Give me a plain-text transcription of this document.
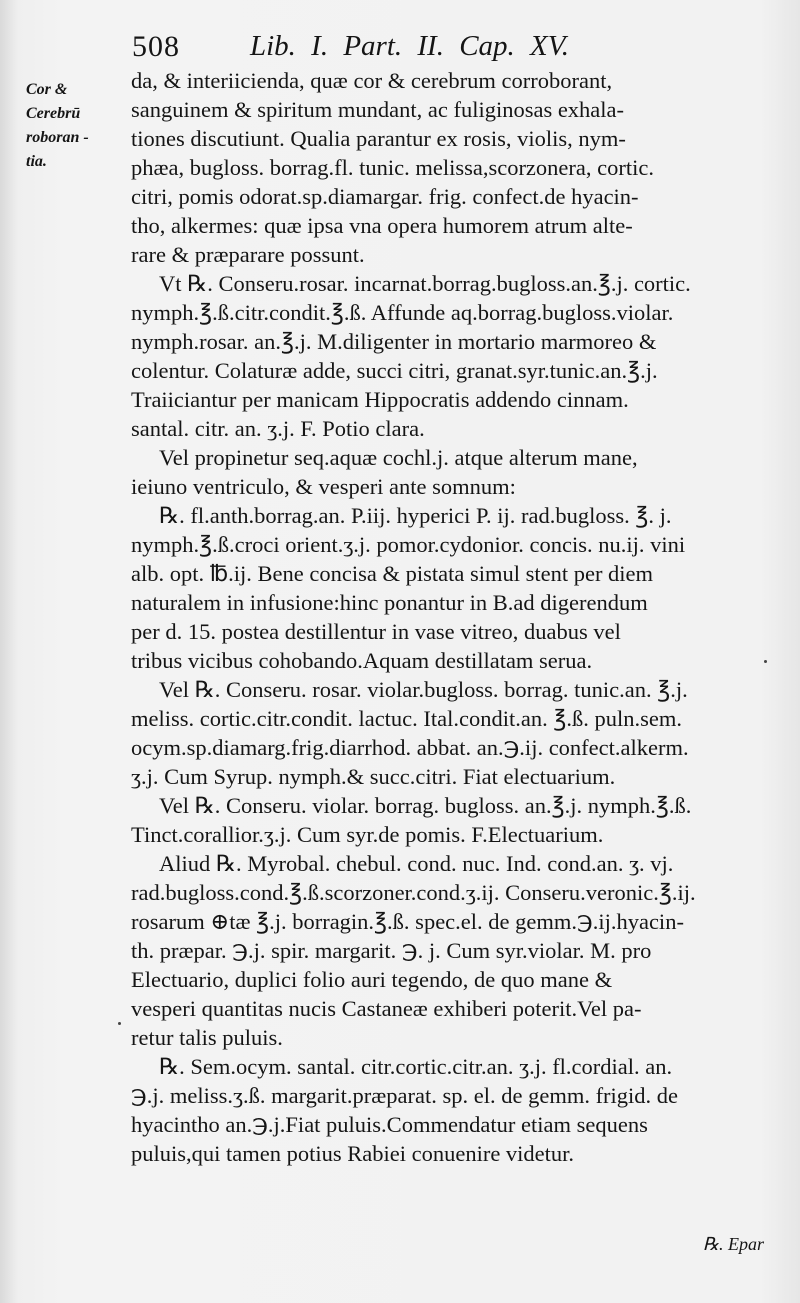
508 Lib. I. Part. II. Cap. XV.
Cor &
Cerebrū
roboran -
tia.
da, & interiicienda, quæ cor & cerebrum corroborant,
sanguinem & spiritum mundant, ac fuliginosas exhala-
tiones discutiunt. Qualia parantur ex rosis, violis, nym-
phæa, bugloss. borrag.fl. tunic. melissa,scorzonera, cortic.
citri, pomis odorat.sp.diamargar. frig. confect.de hyacin-
tho, alkermes: quæ ipsa vna opera humorem atrum alte-
rare & præparare possunt.
Vt ℞. Conseru.rosar. incarnat.borrag.bugloss.an.℥.j. cortic.
nymph.℥.ß.citr.condit.℥.ß. Affunde aq.borrag.bugloss.violar.
nymph.rosar. an.℥.j. M.diligenter in mortario marmoreo &
colentur. Colaturæ adde, succi citri, granat.syr.tunic.an.℥.j.
Traiiciantur per manicam Hippocratis addendo cinnam.
santal. citr. an. ʒ.j. F. Potio clara.
Vel propinetur seq.aquæ cochl.j. atque alterum mane,
ieiuno ventriculo, & vesperi ante somnum:
℞. fl.anth.borrag.an. P.iij. hyperici P. ij. rad.bugloss. ℥. j.
nymph.℥.ß.croci orient.ʒ.j. pomor.cydonior. concis. nu.ij. vini
alb. opt. ℔.ij. Bene concisa & pistata simul stent per diem
naturalem in infusione:hinc ponantur in B.ad digerendum
per d. 15. postea destillentur in vase vitreo, duabus vel
tribus vicibus cohobando.Aquam destillatam serua.
Vel ℞. Conseru. rosar. violar.bugloss. borrag. tunic.an. ℥.j.
meliss. cortic.citr.condit. lactuc. Ital.condit.an. ℥.ß. puln.sem.
ocym.sp.diamarg.frig.diarrhod. abbat. an.℈.ij. confect.alkerm.
ʒ.j. Cum Syrup. nymph.& succ.citri. Fiat electuarium.
Vel ℞. Conseru. violar. borrag. bugloss. an.℥.j. nymph.℥.ß.
Tinct.corallior.ʒ.j. Cum syr.de pomis. F.Electuarium.
Aliud ℞. Myrobal. chebul. cond. nuc. Ind. cond.an. ʒ. vj.
rad.bugloss.cond.℥.ß.scorzoner.cond.ʒ.ij. Conseru.veronic.℥.ij.
rosarum ⊕tæ ℥.j. borragin.℥.ß. spec.el. de gemm.℈.ij.hyacin-
th. præpar. ℈.j. spir. margarit. ℈. j. Cum syr.violar. M. pro
Electuario, duplici folio auri tegendo, de quo mane &
vesperi quantitas nucis Castaneæ exhiberi poterit.Vel pa-
retur talis puluis.
℞. Sem.ocym. santal. citr.cortic.citr.an. ʒ.j. fl.cordial. an.
℈.j. meliss.ʒ.ß. margarit.præparat. sp. el. de gemm. frigid. de
hyacintho an.℈.j.Fiat puluis.Commendatur etiam sequens
puluis,qui tamen potius Rabiei conuenire videtur.
℞. Epar
